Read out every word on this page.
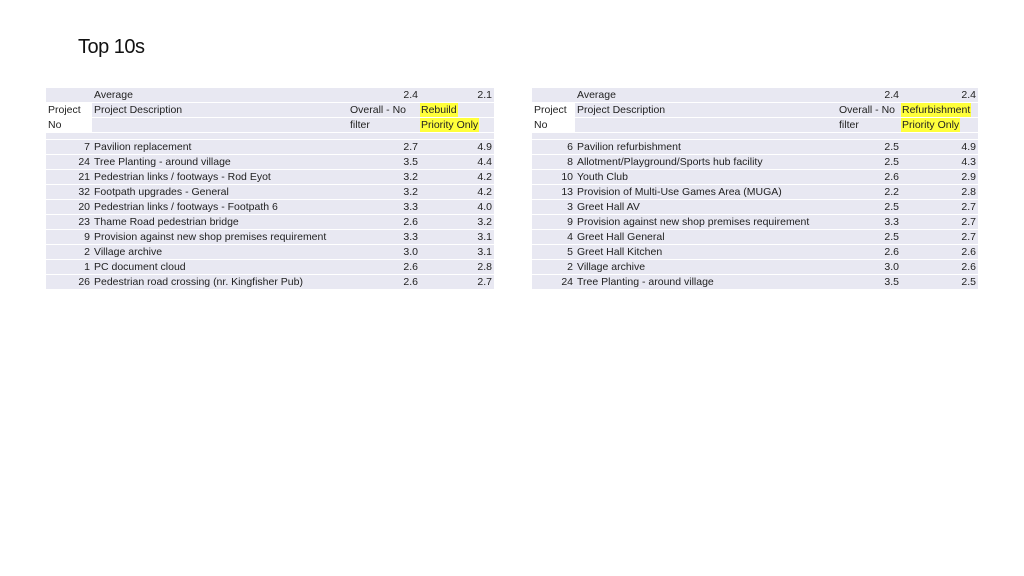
Top 10s
	Average	2.4	2.1
Project	Project Description	Overall - No	Rebuild
No		filter	Priority Only

7	Pavilion replacement	2.7	4.9
24	Tree Planting - around village	3.5	4.4
21	Pedestrian links / footways - Rod Eyot	3.2	4.2
32	Footpath upgrades - General	3.2	4.2
20	Pedestrian links / footways - Footpath 6	3.3	4.0
23	Thame Road pedestrian bridge	2.6	3.2
9	Provision against new shop premises requirement	3.3	3.1
2	Village archive	3.0	3.1
1	PC document cloud	2.6	2.8
26	Pedestrian road crossing (nr. Kingfisher Pub)	2.6	2.7
	Average	2.4	2.4
Project	Project Description	Overall - No	Refurbishment
No		filter	Priority Only

6	Pavilion refurbishment	2.5	4.9
8	Allotment/Playground/Sports hub facility	2.5	4.3
10	Youth Club	2.6	2.9
13	Provision of Multi-Use Games Area (MUGA)	2.2	2.8
3	Greet Hall AV	2.5	2.7
9	Provision against new shop premises requirement	3.3	2.7
4	Greet Hall General	2.5	2.7
5	Greet Hall Kitchen	2.6	2.6
2	Village archive	3.0	2.6
24	Tree Planting - around village	3.5	2.5
